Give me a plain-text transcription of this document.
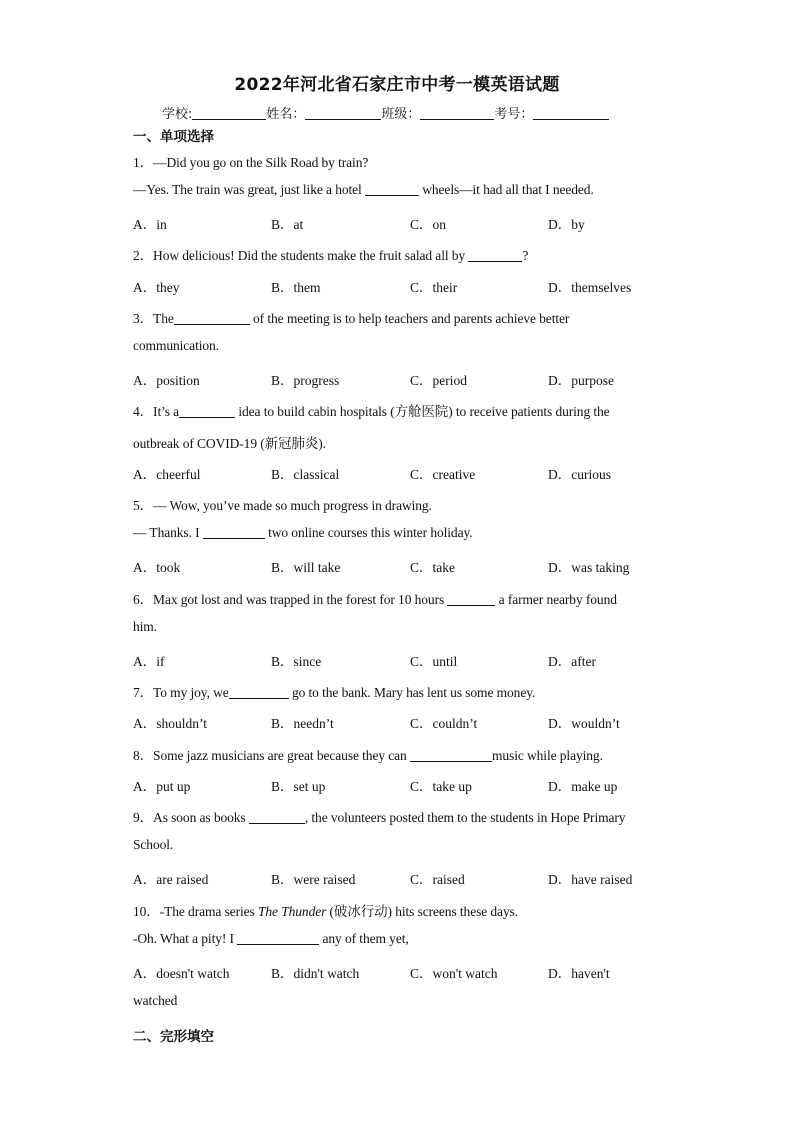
2022年河北省石家庄市中考一模英语试题
学校:	姓名：	班级：	考号：
一、单项选择
1．—Did you go on the Silk Road by train?
—Yes. The train was great, just like a hotel	wheels—it had all that I needed.
A．in	B．at	C．on	D．by
2．How delicious! Did the students make the fruit salad all by	?
A．they	B．them	C．their	D．themselves
3．The	of the meeting is to help teachers and parents achieve better
communication.
A．position	B．progress	C．period	D．purpose
4．It’s a	idea to build cabin hospitals (方舱医院) to receive patients during the
outbreak of COVID-19 (新冠肺炎).
A．cheerful	B．classical	C．creative	D．curious
5．— Wow, you’ve made so much progress in drawing.
— Thanks. I	two online courses this winter holiday.
A．took	B．will take	C．take	D．was taking
6．Max got lost and was trapped in the forest for 10 hours	a farmer nearby found
him.
A．if	B．since	C．until	D．after
7．To my joy, we	go to the bank. Mary has lent us some money.
A．shouldn’t	B．needn’t	C．couldn’t	D．wouldn’t
8．Some jazz musicians are great because they can	music while playing.
A．put up	B．set up	C．take up	D．make up
9．As soon as books	, the volunteers posted them to the students in Hope Primary
School.
A．are raised	B．were raised	C．raised	D．have raised
10．-The drama series The Thunder (破冰行动) hits screens these days.
-Oh. What a pity! I	any of them yet,
A．doesn't watch	B．didn't watch	C．won't watch	D．haven't
watched
二、完形填空
